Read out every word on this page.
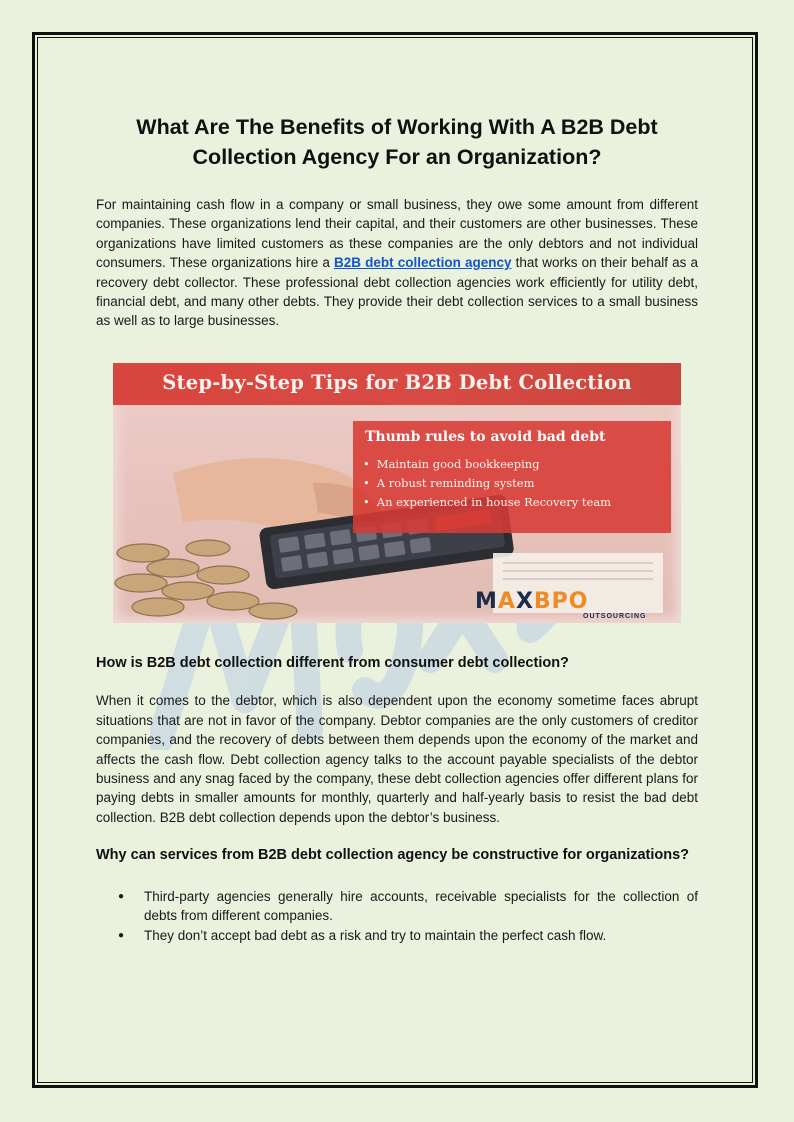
What Are The Benefits of Working With A B2B Debt Collection Agency For an Organization?

For maintaining cash flow in a company or small business, they owe some amount from different companies. These organizations lend their capital, and their customers are other businesses. These organizations have limited customers as these companies are the only debtors and not individual consumers. These organizations hire a B2B debt collection agency that works on their behalf as a recovery debt collector. These professional debt collection agencies work efficiently for utility debt, financial debt, and many other debts. They provide their debt collection services to a small business as well as to large businesses.

Step-by-Step Tips for B2B Debt Collection
Thumb rules to avoid bad debt
• Maintain good bookkeeping
• A robust reminding system
• An experienced in house Recovery team
MAXBPO
OUTSOURCING
How is B2B debt collection different from consumer debt collection?

When it comes to the debtor, which is also dependent upon the economy sometime faces abrupt situations that are not in favor of the company. Debtor companies are the only customers of creditor companies, and the recovery of debts between them depends upon the economy of the market and affects the cash flow. Debt collection agency talks to the account payable specialists of the debtor business and any snag faced by the company, these debt collection agencies offer different plans for paying debts in smaller amounts for monthly, quarterly and half-yearly basis to resist the bad debt collection. B2B debt collection depends upon the debtor’s business.

Why can services from B2B debt collection agency be constructive for organizations?
● Third-party agencies generally hire accounts, receivable specialists for the collection of debts from different companies.
● They don’t accept bad debt as a risk and try to maintain the perfect cash flow.
